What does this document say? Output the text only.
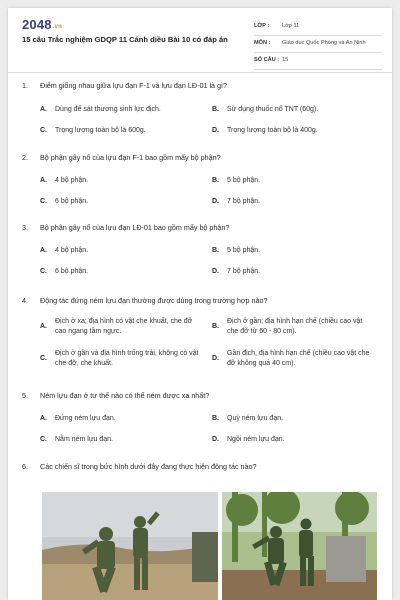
2048.vn
15 câu Trắc nghiệm GDQP 11 Cánh diều Bài 10 có đáp án
LỚP : Lớp 11
MÔN : Giáo dục Quốc Phòng và An Ninh
SỐ CÂU : 15
1. Điểm giống nhau giữa lựu đạn F-1 và lựu đạn LĐ-01 là gì?
A. Dùng để sát thương sinh lực địch.	B. Sử dụng thuốc nổ TNT (60g).
C. Trọng lượng toàn bộ là 600g.	D. Trọng lượng toàn bộ là 400g.
2. Bộ phận gây nổ của lựu đạn F-1 bao gồm mấy bộ phận?
A. 4 bộ phận.	B. 5 bộ phận.
C. 6 bộ phận.	D. 7 bộ phận.
3. Bộ phận gây nổ của lựu đạn LĐ-01 bao gồm mấy bộ phận?
A. 4 bộ phận.	B. 5 bộ phận.
C. 6 bộ phận.	D. 7 bộ phận.
4. Động tác đứng ném lựu đạn thường được dùng trong trường hợp nào?
A.
Địch ở xa; địa hình có vật che khuất, che đỡ cao ngang tầm ngực.
B.
Địch ở gần; địa hình hạn chế (chiều cao vật che đỡ từ 60 - 80 cm).
C.
Địch ở gần và địa hình trống trải, không có vật che đỡ, che khuất.
D.
Gần địch, địa hình hạn chế (chiều cao vật che đỡ không quá 40 cm).
5. Ném lựu đạn ở tư thế nào có thể ném được xa nhất?
A. Đứng ném lựu đạn.	B. Quỳ ném lựu đạn.
C. Nằm ném lựu đạn.	D. Ngồi ném lựu đạn.
6. Các chiến sĩ trong bức hình dưới đây đang thực hiện động tác nào?
